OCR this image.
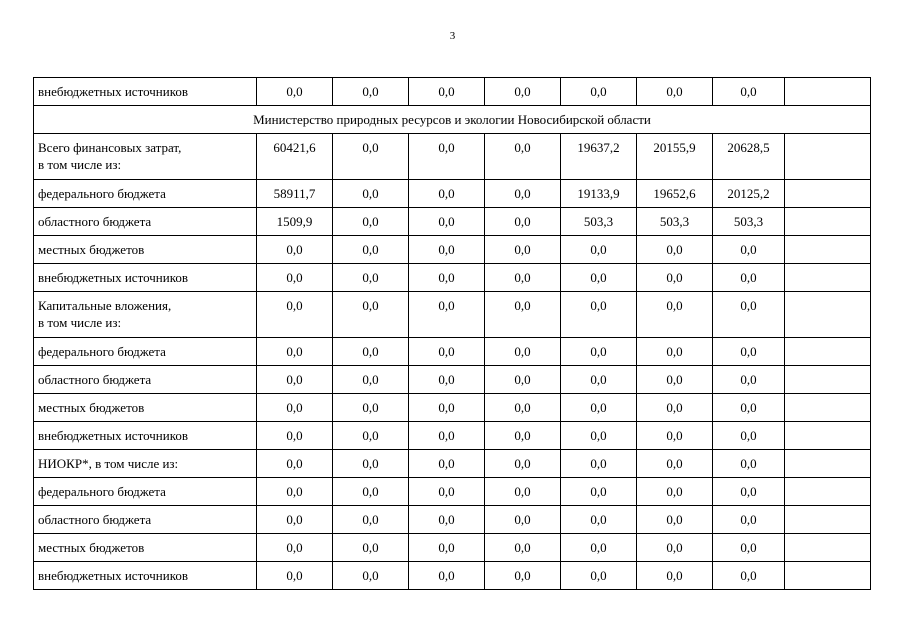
3
внебюджетных источников	0,0	0,0	0,0	0,0	0,0	0,0	0,0	
Министерство природных ресурсов и экологии Новосибирской области								
Всего финансовых затрат,
в том числе из:	60421,6	0,0	0,0	0,0	19637,2	20155,9	20628,5	
федерального бюджета	58911,7	0,0	0,0	0,0	19133,9	19652,6	20125,2	
областного бюджета	1509,9	0,0	0,0	0,0	503,3	503,3	503,3	
местных бюджетов	0,0	0,0	0,0	0,0	0,0	0,0	0,0	
внебюджетных источников	0,0	0,0	0,0	0,0	0,0	0,0	0,0	
Капитальные вложения,
в том числе из:	0,0	0,0	0,0	0,0	0,0	0,0	0,0	
федерального бюджета	0,0	0,0	0,0	0,0	0,0	0,0	0,0	
областного бюджета	0,0	0,0	0,0	0,0	0,0	0,0	0,0	
местных бюджетов	0,0	0,0	0,0	0,0	0,0	0,0	0,0	
внебюджетных источников	0,0	0,0	0,0	0,0	0,0	0,0	0,0	
НИОКР*, в том числе из:	0,0	0,0	0,0	0,0	0,0	0,0	0,0	
федерального бюджета	0,0	0,0	0,0	0,0	0,0	0,0	0,0	
областного бюджета	0,0	0,0	0,0	0,0	0,0	0,0	0,0	
местных бюджетов	0,0	0,0	0,0	0,0	0,0	0,0	0,0	
внебюджетных источников	0,0	0,0	0,0	0,0	0,0	0,0	0,0	
